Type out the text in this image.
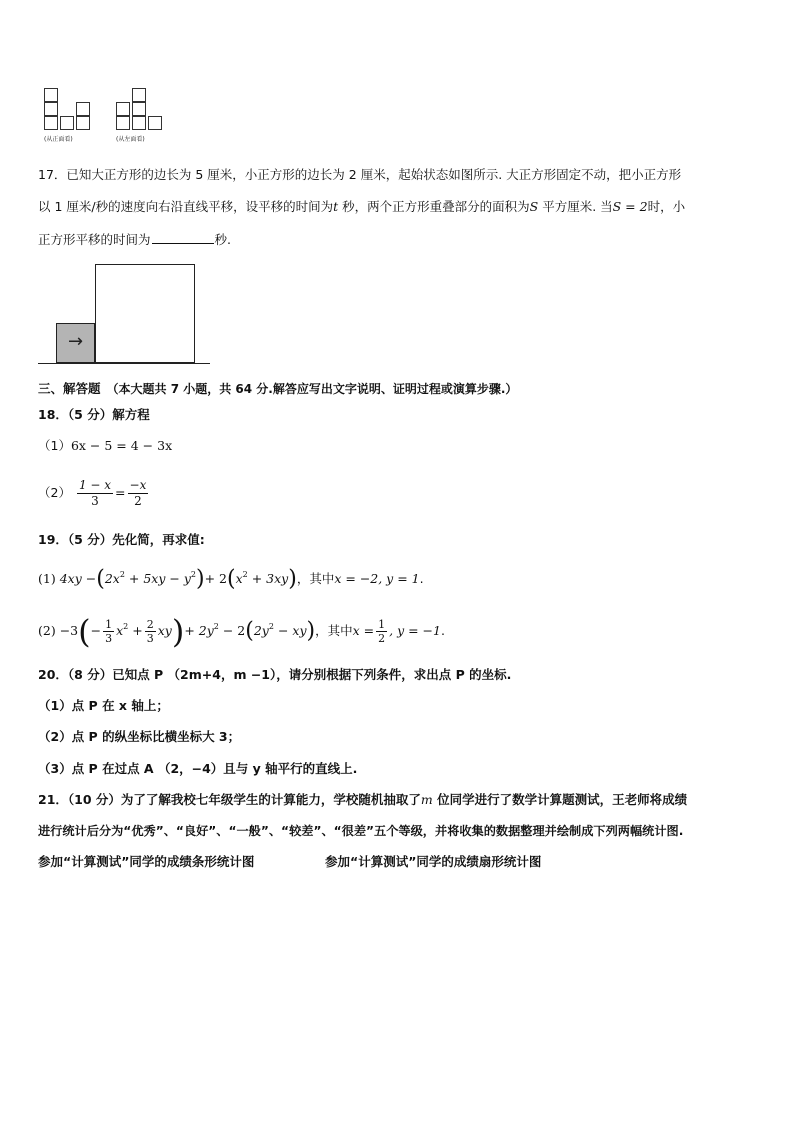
(从正面看)	(从左面看)
17．已知大正方形的边长为 5 厘米，小正方形的边长为 2 厘米，起始状态如图所示. 大正方形固定不动，把小正方形
以 1 厘米/秒的速度向右沿直线平移，设平移的时间为t 秒，两个正方形重叠部分的面积为S 平方厘米. 当S = 2时，小
正方形平移的时间为	秒.
→
三、解答题 （本大题共 7 小题，共 64 分.解答应写出文字说明、证明过程或演算步骤.）
18．（5 分）解方程
（1）6x − 5 = 4 − 3x
$(2) \frac{1 - x}{3} = \frac{-x}{2}$
19．（5 分）先化简，再求值:
(1) $4xy -(2x^2 + 5xy - y^2)+ 2(x^2 + 3xy)$，其中x = −2, y = 1.
$(2) -3(- \frac{1}{3} x^2 + \frac{2}{3} xy)+ 2y^2 - 2(2y^2 - xy)$，其中$x = \frac{1}{2}$ , y = −1.
20．（8 分）已知点 P （2m+4，m −1），请分别根据下列条件，求出点 P 的坐标.
（1）点 P 在 x 轴上；
（2）点 P 的纵坐标比横坐标大 3；
（3）点 P 在过点 A （2，−4）且与 y 轴平行的直线上.
21．（10 分）为了了解我校七年级学生的计算能力，学校随机抽取了m 位同学进行了数学计算题测试，王老师将成绩
进行统计后分为“优秀”、“良好”、“一般”、“较差”、“很差”五个等级，并将收集的数据整理并绘制成下列两幅统计图.
参加“计算测试”同学的成绩条形统计图	参加“计算测试”同学的成绩扇形统计图
